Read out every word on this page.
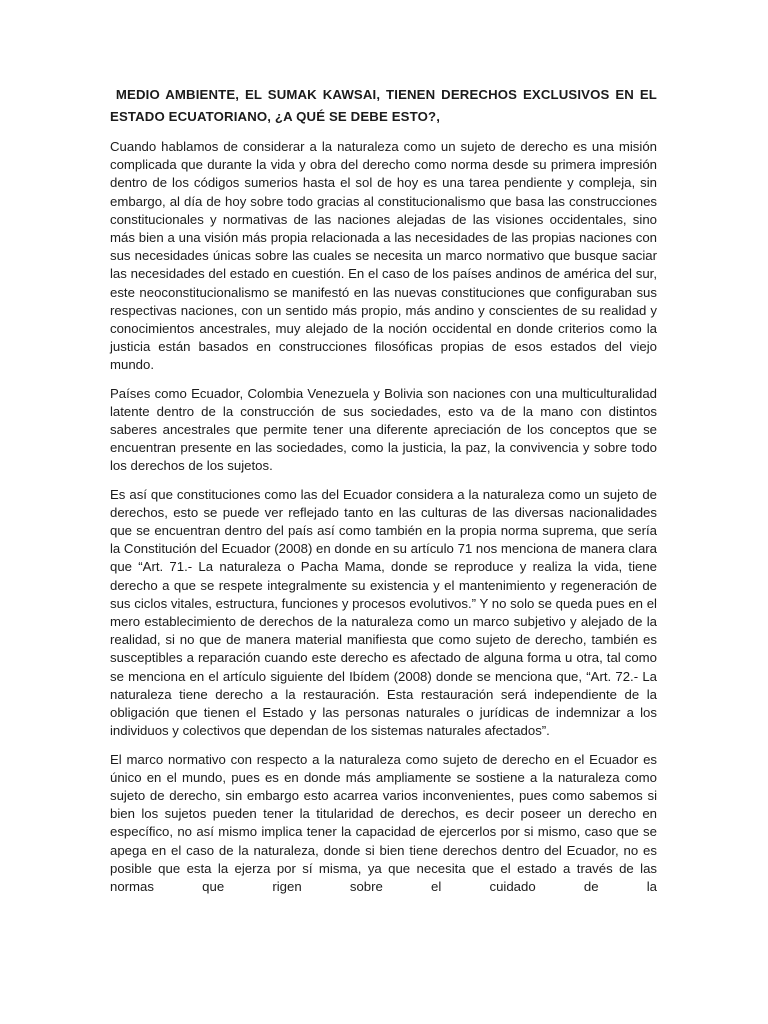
MEDIO AMBIENTE, EL SUMAK KAWSAI, TIENEN DERECHOS EXCLUSIVOS EN EL ESTADO ECUATORIANO, ¿A QUÉ SE DEBE ESTO?,

Cuando hablamos de considerar a la naturaleza como un sujeto de derecho es una misión complicada que durante la vida y obra del derecho como norma desde su primera impresión dentro de los códigos sumerios hasta el sol de hoy es una tarea pendiente y compleja, sin embargo, al día de hoy sobre todo gracias al constitucionalismo que basa las construcciones constitucionales y normativas de las naciones alejadas de las visiones occidentales, sino más bien a una visión más propia relacionada a las necesidades de las propias naciones con sus necesidades únicas sobre las cuales se necesita un marco normativo que busque saciar las necesidades del estado en cuestión. En el caso de los países andinos de américa del sur, este neoconstitucionalismo se manifestó en las nuevas constituciones que configuraban sus respectivas naciones, con un sentido más propio, más andino y conscientes de su realidad y conocimientos ancestrales, muy alejado de la noción occidental en donde criterios como la justicia están basados en construcciones filosóficas propias de esos estados del viejo mundo.

Países como Ecuador, Colombia Venezuela y Bolivia son naciones con una multiculturalidad latente dentro de la construcción de sus sociedades, esto va de la mano con distintos saberes ancestrales que permite tener una diferente apreciación de los conceptos que se encuentran presente en las sociedades, como la justicia, la paz, la convivencia y sobre todo los derechos de los sujetos.

Es así que constituciones como las del Ecuador considera a la naturaleza como un sujeto de derechos, esto se puede ver reflejado tanto en las culturas de las diversas nacionalidades que se encuentran dentro del país así como también en la propia norma suprema, que sería la Constitución del Ecuador (2008) en donde en su artículo 71 nos menciona de manera clara que “Art. 71.- La naturaleza o Pacha Mama, donde se reproduce y realiza la vida, tiene derecho a que se respete integralmente su existencia y el mantenimiento y regeneración de sus ciclos vitales, estructura, funciones y procesos evolutivos.” Y no solo se queda pues en el mero establecimiento de derechos de la naturaleza como un marco subjetivo y alejado de la realidad, si no que de manera material manifiesta que como sujeto de derecho, también es susceptibles a reparación cuando este derecho es afectado de alguna forma u otra, tal como se menciona en el artículo siguiente del Ibídem (2008) donde se menciona que, “Art. 72.- La naturaleza tiene derecho a la restauración. Esta restauración será independiente de la obligación que tienen el Estado y las personas naturales o jurídicas de indemnizar a los individuos y colectivos que dependan de los sistemas naturales afectados”.

El marco normativo con respecto a la naturaleza como sujeto de derecho en el Ecuador es único en el mundo, pues es en donde más ampliamente se sostiene a la naturaleza como sujeto de derecho, sin embargo esto acarrea varios inconvenientes, pues como sabemos si bien los sujetos pueden tener la titularidad de derechos, es decir poseer un derecho en específico, no así mismo implica tener la capacidad de ejercerlos por si mismo, caso que se apega en el caso de la naturaleza, donde si bien tiene derechos dentro del Ecuador, no es posible que esta la ejerza por sí misma, ya que necesita que el estado a través de las normas que rigen sobre el cuidado de la
